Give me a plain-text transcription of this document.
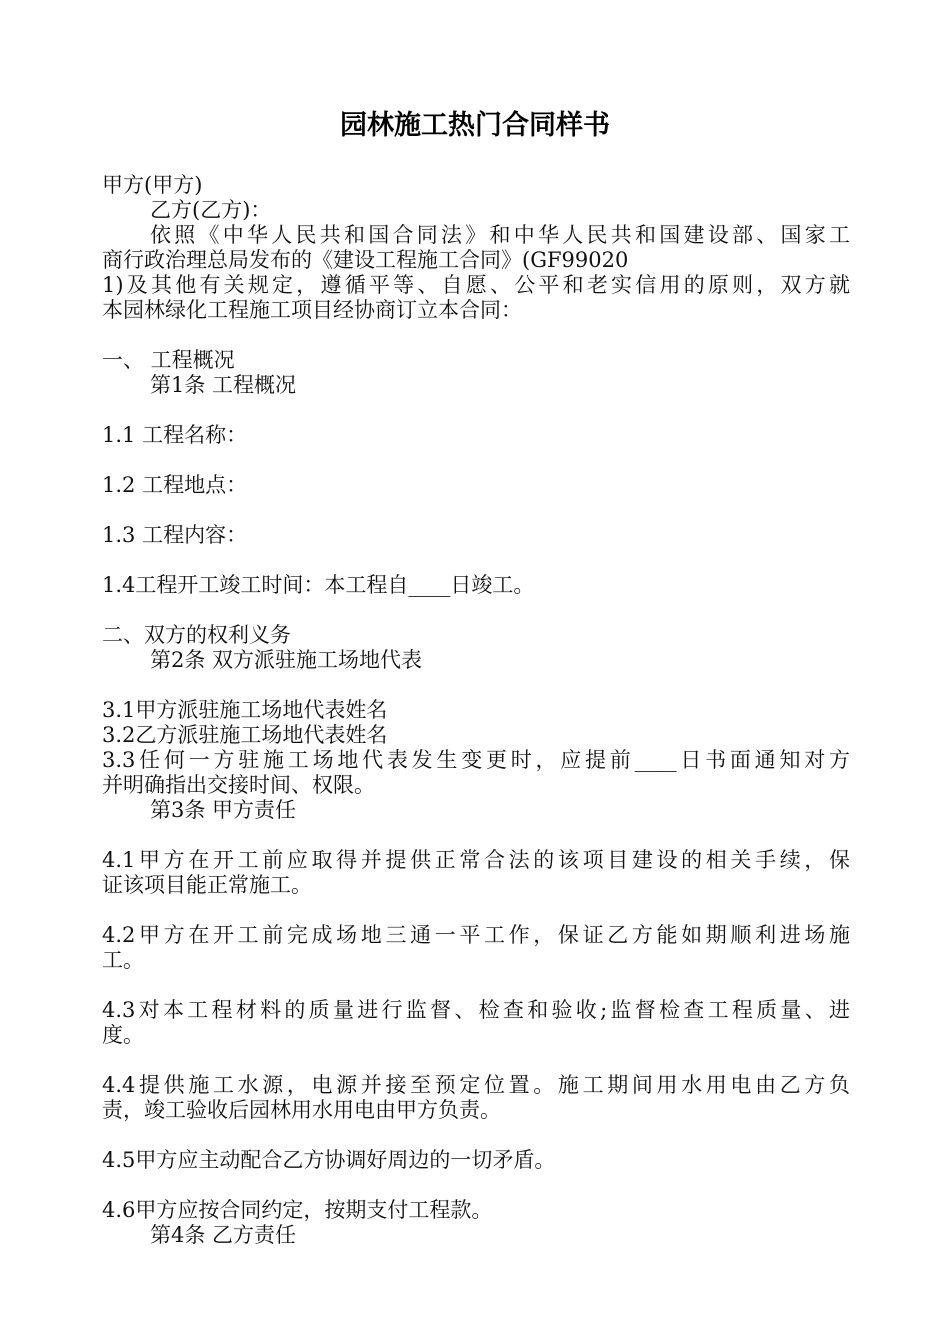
园林施工热门合同样书
甲方(甲方)
乙方(乙方)：
依照《中华人民共和国合同法》和中华人民共和国建设部、国家工
商行政治理总局发布的《建设工程施工合同》(GF99020
1)及其他有关规定，遵循平等、自愿、公平和老实信用的原则，双方就
本园林绿化工程施工项目经协商订立本合同：
一、 工程概况
第1条 工程概况
1.1 工程名称：
1.2 工程地点：
1.3 工程内容：
1.4工程开工竣工时间：本工程自____日竣工。
二、双方的权利义务
第2条 双方派驻施工场地代表
3.1甲方派驻施工场地代表姓名
3.2乙方派驻施工场地代表姓名
3.3任何一方驻施工场地代表发生变更时，应提前____日书面通知对方
并明确指出交接时间、权限。
第3条 甲方责任
4.1甲方在开工前应取得并提供正常合法的该项目建设的相关手续，保
证该项目能正常施工。
4.2甲方在开工前完成场地三通一平工作，保证乙方能如期顺利进场施
工。
4.3对本工程材料的质量进行监督、检查和验收;监督检查工程质量、进
度。
4.4提供施工水源，电源并接至预定位置。施工期间用水用电由乙方负
责，竣工验收后园林用水用电由甲方负责。
4.5甲方应主动配合乙方协调好周边的一切矛盾。
4.6甲方应按合同约定，按期支付工程款。
第4条 乙方责任
